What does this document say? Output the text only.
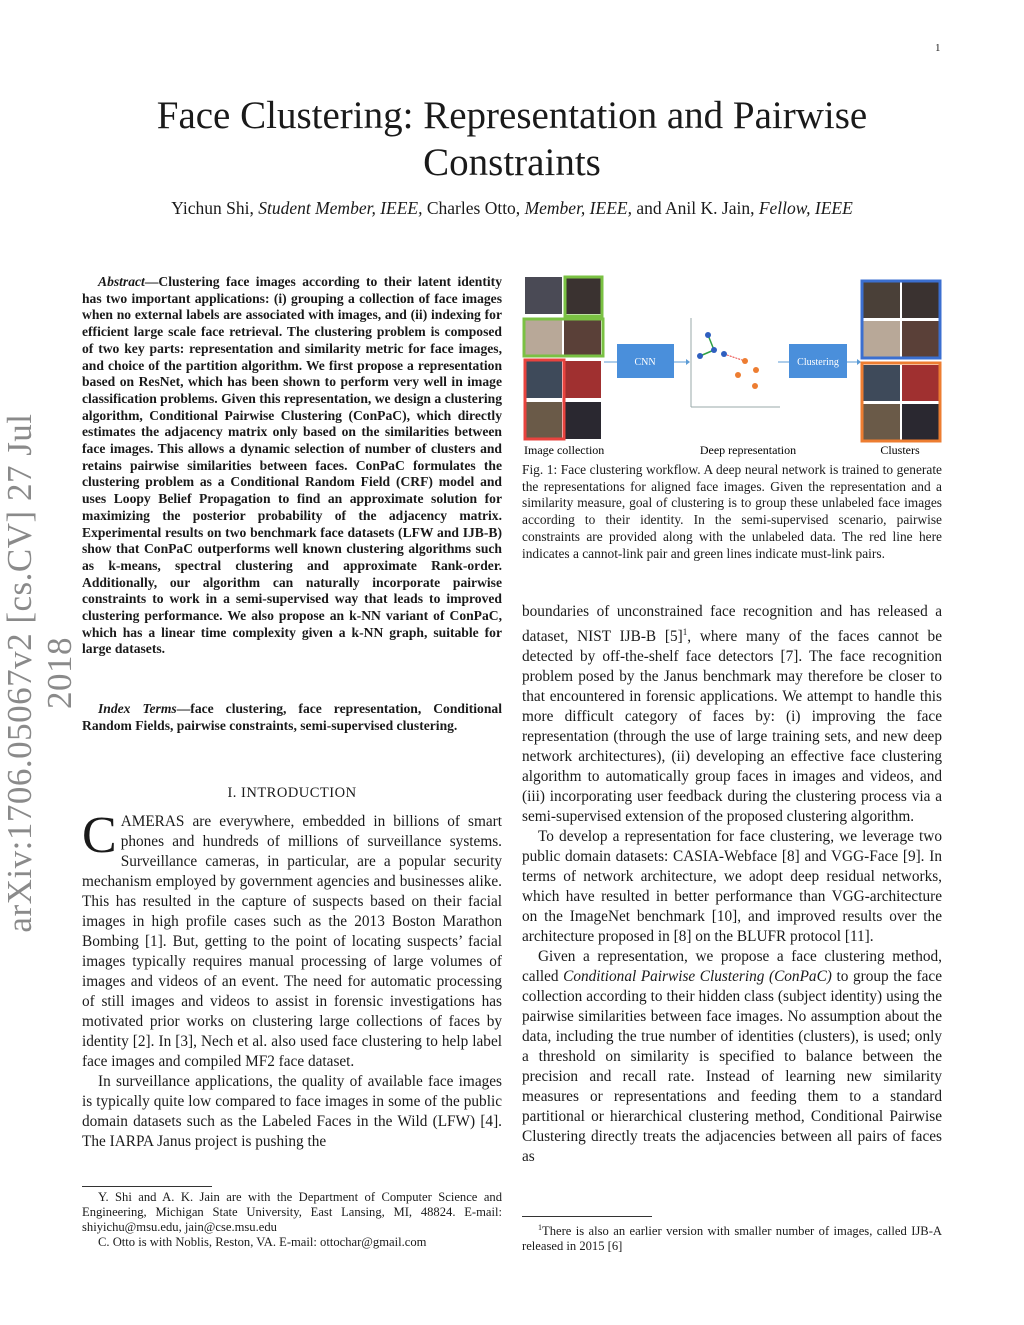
1
arXiv:1706.05067v2 [cs.CV] 27 Jul 2018
Face Clustering: Representation and Pairwise Constraints
Yichun Shi, Student Member, IEEE, Charles Otto, Member, IEEE, and Anil K. Jain, Fellow, IEEE
Abstract—Clustering face images according to their latent identity has two important applications: (i) grouping a collection of face images when no external labels are associated with images, and (ii) indexing for efficient large scale face retrieval. The clustering problem is composed of two key parts: representation and similarity metric for face images, and choice of the partition algorithm. We first propose a representation based on ResNet, which has been shown to perform very well in image classification problems. Given this representation, we design a clustering algorithm, Conditional Pairwise Clustering (ConPaC), which directly estimates the adjacency matrix only based on the similarities between face images. This allows a dynamic selection of number of clusters and retains pairwise similarities between faces. ConPaC formulates the clustering problem as a Conditional Random Field (CRF) model and uses Loopy Belief Propagation to find an approximate solution for maximizing the posterior probability of the adjacency matrix. Experimental results on two benchmark face datasets (LFW and IJB-B) show that ConPaC outperforms well known clustering algorithms such as k-means, spectral clustering and approximate Rank-order. Additionally, our algorithm can naturally incorporate pairwise constraints to work in a semi-supervised way that leads to improved clustering performance. We also propose an k-NN variant of ConPaC, which has a linear time complexity given a k-NN graph, suitable for large datasets.
Index Terms—face clustering, face representation, Conditional Random Fields, pairwise constraints, semi-supervised clustering.
I. INTRODUCTION

CAMERAS are everywhere, embedded in billions of smart phones and hundreds of millions of surveillance systems. Surveillance cameras, in particular, are a popular security mechanism employed by government agencies and businesses alike. This has resulted in the capture of suspects based on their facial images in high profile cases such as the 2013 Boston Marathon Bombing [1]. But, getting to the point of locating suspects’ facial images typically requires manual processing of large volumes of images and videos of an event. The need for automatic processing of still images and videos to assist in forensic investigations has motivated prior works on clustering large collections of faces by identity [2]. In [3], Nech et al. also used face clustering to help label face images and compiled MF2 face dataset.

In surveillance applications, the quality of available face images is typically quite low compared to face images in some of the public domain datasets such as the Labeled Faces in the Wild (LFW) [4]. The IARPA Janus project is pushing the

Y. Shi and A. K. Jain are with the Department of Computer Science and Engineering, Michigan State University, East Lansing, MI, 48824. E-mail: shiyichu@msu.edu, jain@cse.msu.edu

C. Otto is with Noblis, Reston, VA. E-mail: ottochar@gmail.com

CNN	Clustering
Image collection	Deep representation	Clusters
Fig. 1: Face clustering workflow. A deep neural network is trained to generate the representations for aligned face images. Given the representation and a similarity measure, goal of clustering is to group these unlabeled face images according to their identity. In the semi-supervised scenario, pairwise constraints are provided along with the unlabeled data. The red line here indicates a cannot-link pair and green lines indicate must-link pairs.

boundaries of unconstrained face recognition and has released a dataset, NIST IJB-B $[5]^1$, where many of the faces cannot be detected by off-the-shelf face detectors [7]. The face recognition problem posed by the Janus benchmark may therefore be closer to that encountered in forensic applications. We attempt to handle this more difficult category of faces by: (i) improving the face representation (through the use of large training sets, and new deep network architectures), (ii) developing an effective face clustering algorithm to automatically group faces in images and videos, and (iii) incorporating user feedback during the clustering process via a semi-supervised extension of the proposed clustering algorithm.

To develop a representation for face clustering, we leverage two public domain datasets: CASIA-Webface [8] and VGG-Face [9]. In terms of network architecture, we adopt deep residual networks, which have resulted in better performance than VGG-architecture on the ImageNet benchmark [10], and improved results over the architecture proposed in [8] on the BLUFR protocol [11].

Given a representation, we propose a face clustering method, called Conditional Pairwise Clustering (ConPaC) to group the face collection according to their hidden class (subject identity) using the pairwise similarities between face images. No assumption about the data, including the true number of identities (clusters), is used; only a threshold on similarity is specified to balance between the precision and recall rate. Instead of learning new similarity measures or representations and feeding them to a standard partitional or hierarchical clustering method, Conditional Pairwise Clustering directly treats the adjacencies between all pairs of faces as

$^1$There is also an earlier version with smaller number of images, called IJB-A released in 2015 [6]
